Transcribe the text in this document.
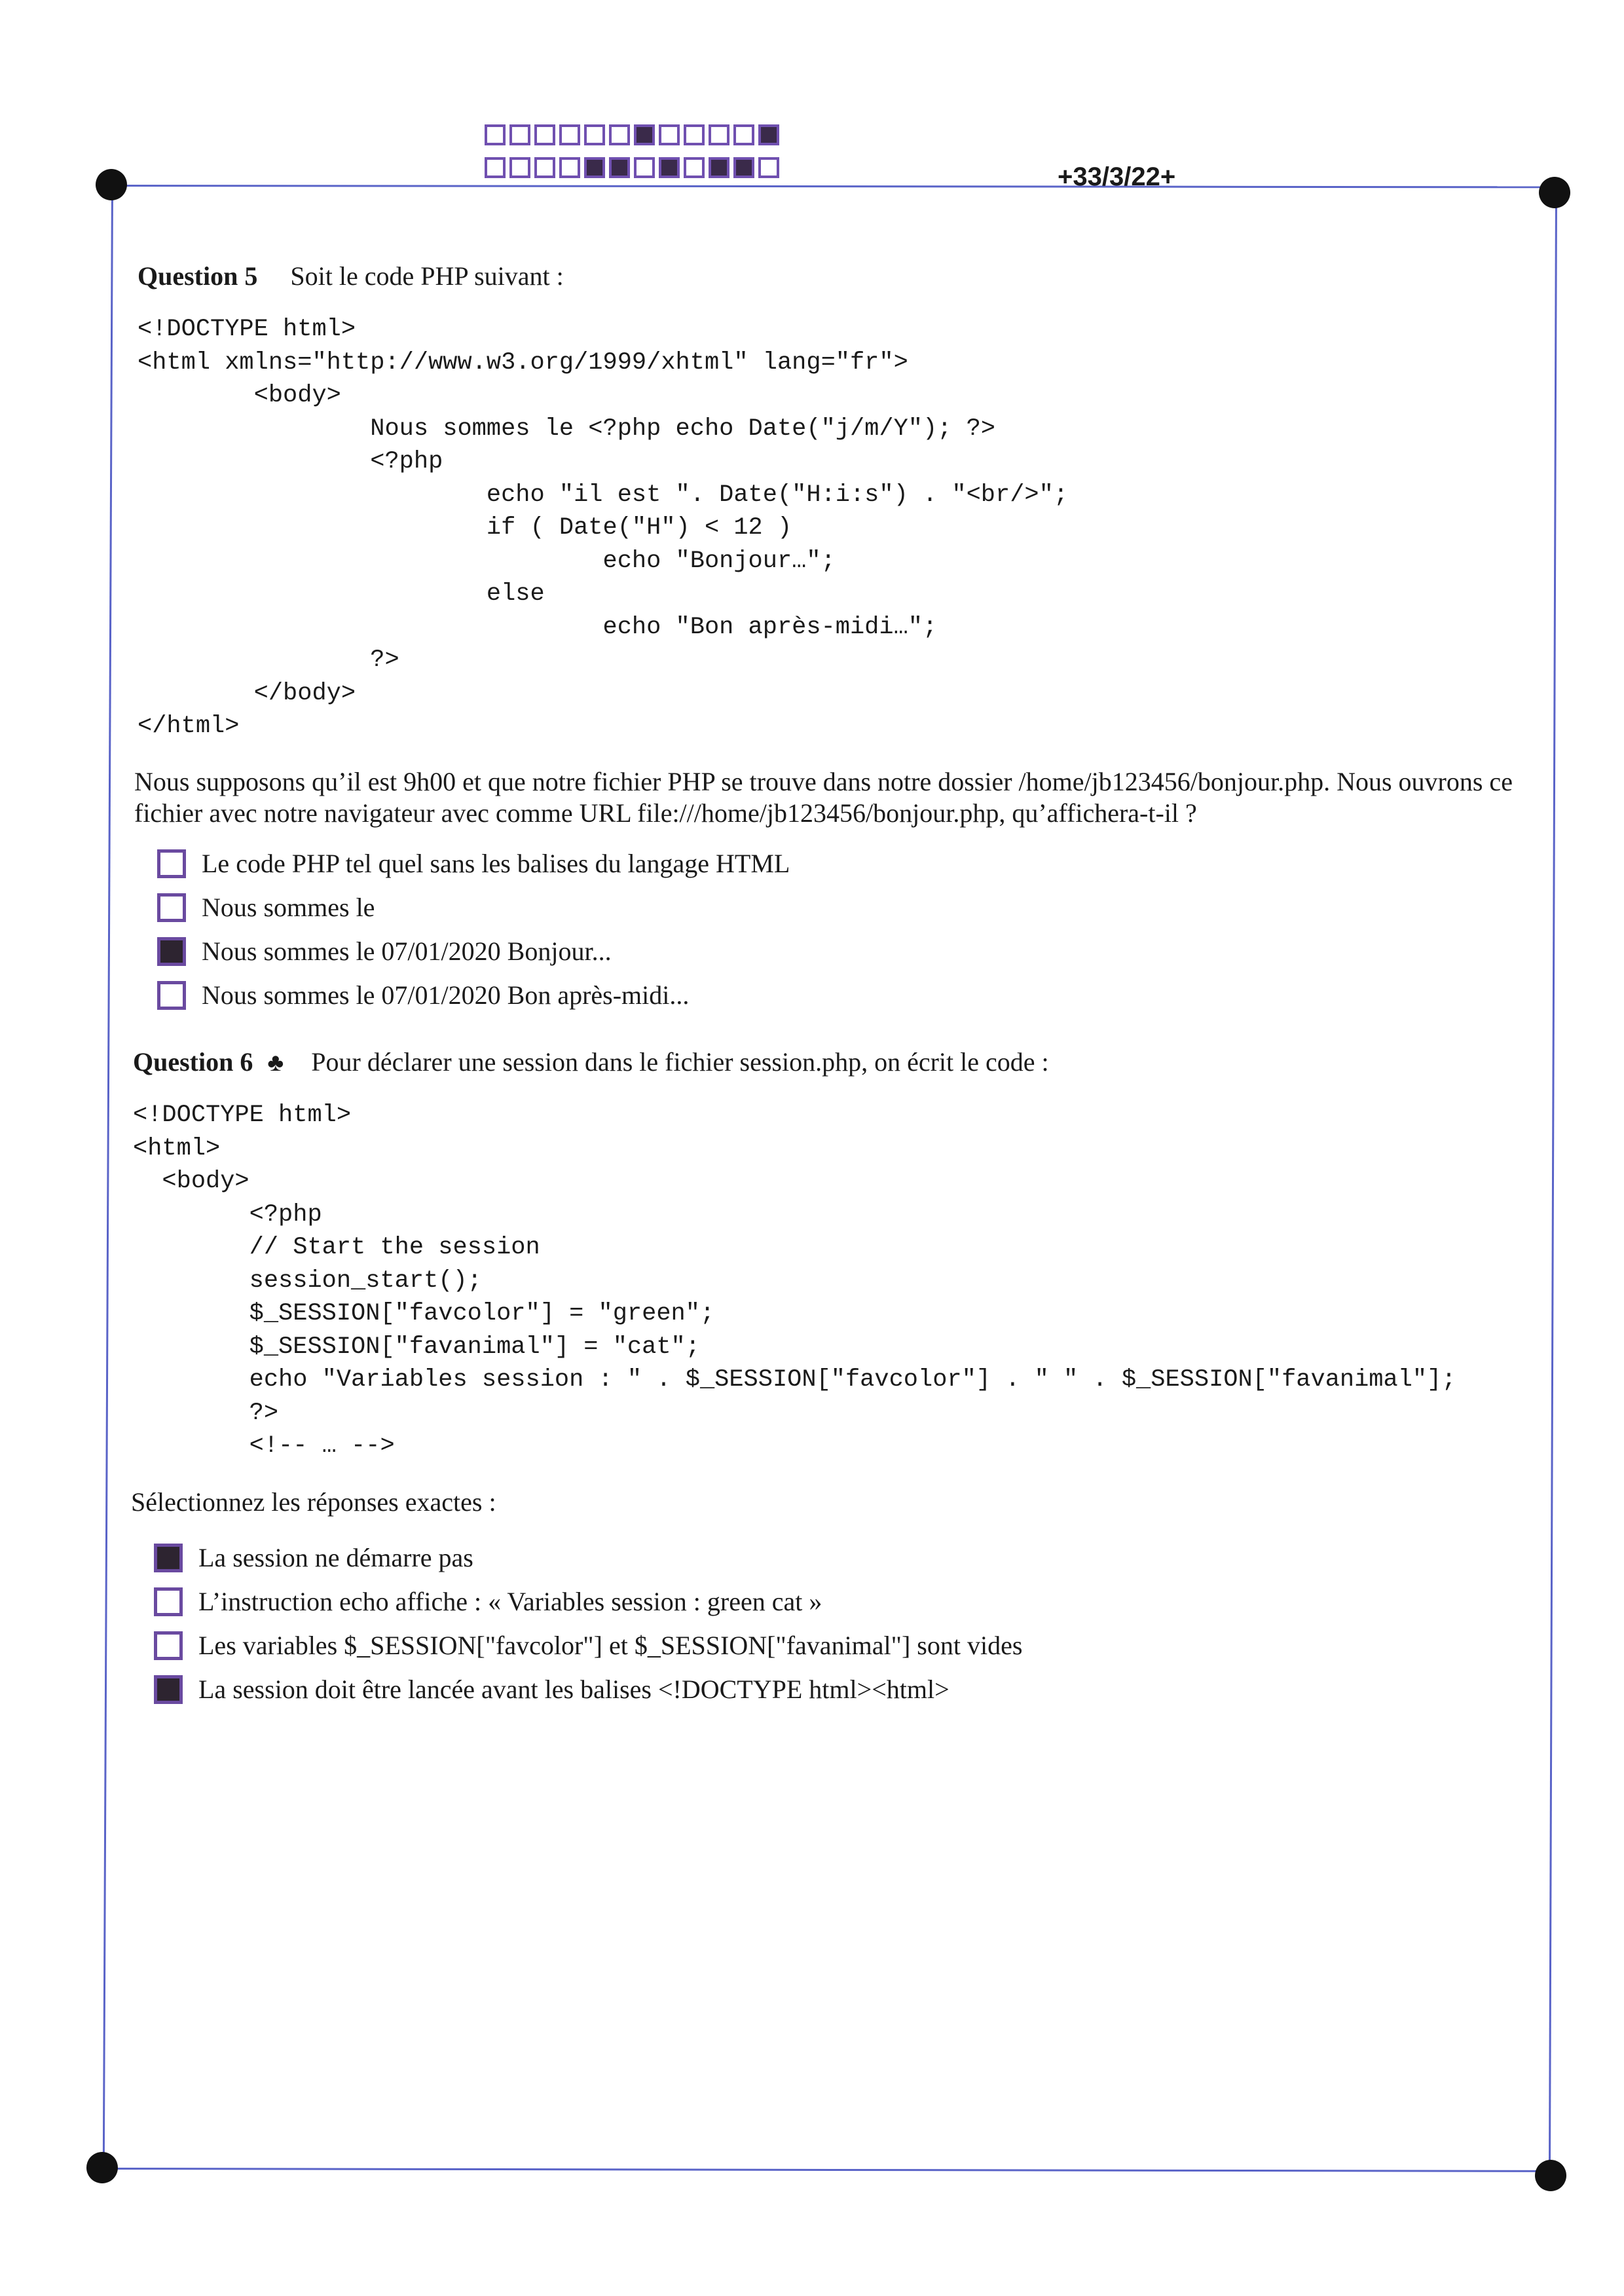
+33/3/22+
Question 5 Soit le code PHP suivant :
<!DOCTYPE html>
<html xmlns="http://www.w3.org/1999/xhtml" lang="fr">
<body>
Nous sommes le <?php echo Date("j/m/Y"); ?>
<?php
echo "il est ". Date("H:i:s") . "<br/>";
if ( Date("H") < 12 )
echo "Bonjour…";
else
echo "Bon après-midi…";
?>
</body>
</html>
Nous supposons qu’il est 9h00 et que notre fichier PHP se trouve dans notre dossier /home/jb123456/bonjour.php. Nous ouvrons ce fichier avec notre navigateur avec comme URL file:///home/jb123456/bonjour.php, qu’affichera-t-il ?
Le code PHP tel quel sans les balises du langage HTML
Nous sommes le
Nous sommes le 07/01/2020 Bonjour...
Nous sommes le 07/01/2020 Bon après-midi...
Question 6 ♣ Pour déclarer une session dans le fichier session.php, on écrit le code :
<!DOCTYPE html>
<html>
<body>
<?php
// Start the session
session_start();
$_SESSION["favcolor"] = "green";
$_SESSION["favanimal"] = "cat";
echo "Variables session : " . $_SESSION["favcolor"] . " " . $_SESSION["favanimal"];
?>
<!-- … -->
Sélectionnez les réponses exactes :
La session ne démarre pas
L’instruction echo affiche : « Variables session : green cat »
Les variables $_SESSION["favcolor"] et $_SESSION["favanimal"] sont vides
La session doit être lancée avant les balises <!DOCTYPE html><html>
